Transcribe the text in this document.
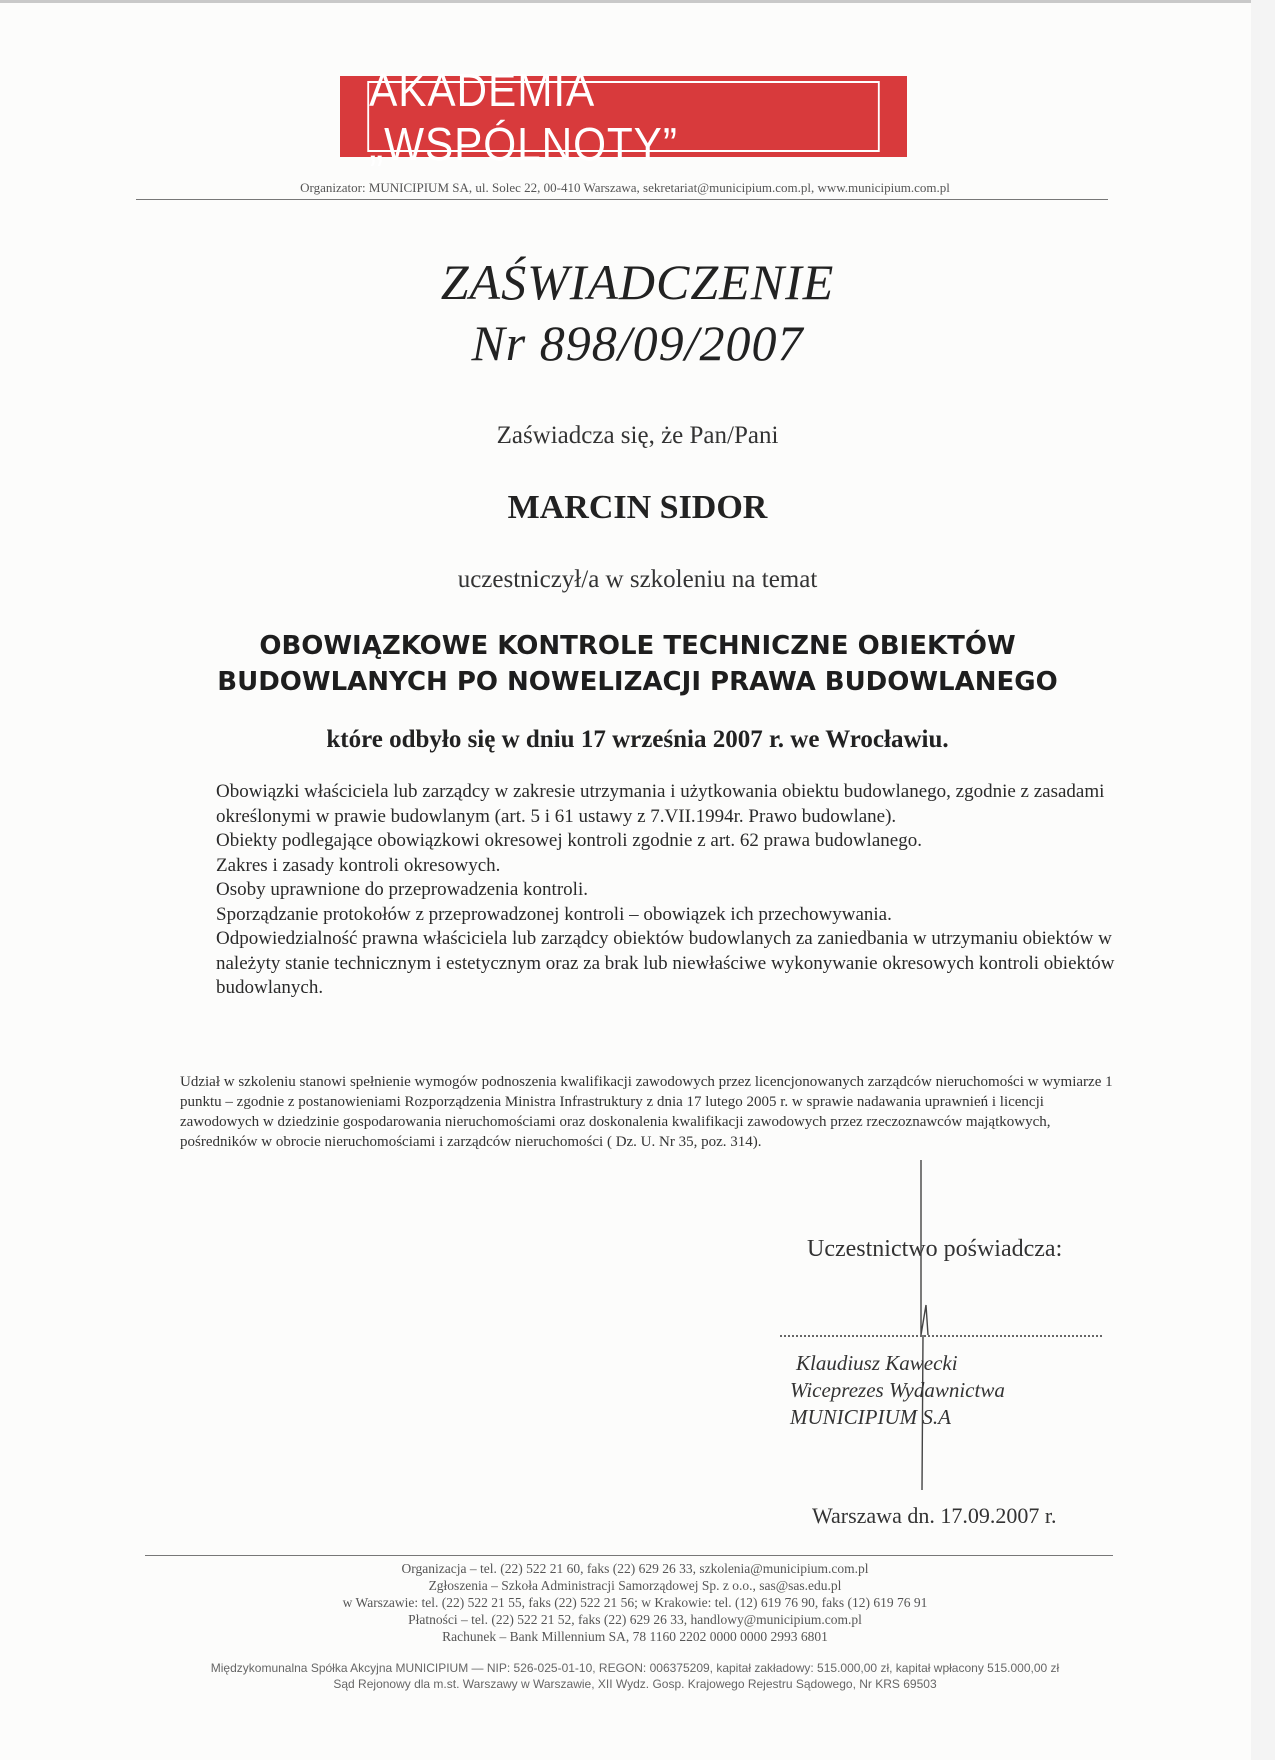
AKADEMIA „WSPÓLNOTY”
Organizator: MUNICIPIUM SA, ul. Solec 22, 00-410 Warszawa, sekretariat@municipium.com.pl, www.municipium.com.pl
ZAŚWIADCZENIE
Nr 898/09/2007
Zaświadcza się, że Pan/Pani
MARCIN SIDOR
uczestniczył/a w szkoleniu na temat
OBOWIĄZKOWE KONTROLE TECHNICZNE OBIEKTÓW
BUDOWLANYCH PO NOWELIZACJI PRAWA BUDOWLANEGO
które odbyło się w dniu 17 września 2007 r. we Wrocławiu.
Obowiązki właściciela lub zarządcy w zakresie utrzymania i użytkowania obiektu budowlanego, zgodnie z zasadami określonymi w prawie budowlanym (art. 5 i 61 ustawy z 7.VII.1994r. Prawo budowlane).
Obiekty podlegające obowiązkowi okresowej kontroli zgodnie z art. 62 prawa budowlanego.
Zakres i zasady kontroli okresowych.
Osoby uprawnione do przeprowadzenia kontroli.
Sporządzanie protokołów z przeprowadzonej kontroli – obowiązek ich przechowywania.
Odpowiedzialność prawna właściciela lub zarządcy obiektów budowlanych za zaniedbania w utrzymaniu obiektów w należyty stanie technicznym i estetycznym oraz za brak lub niewłaściwe wykonywanie okresowych kontroli obiektów budowlanych.
Udział w szkoleniu stanowi spełnienie wymogów podnoszenia kwalifikacji zawodowych przez licencjonowanych zarządców nieruchomości w wymiarze 1 punktu – zgodnie z postanowieniami Rozporządzenia Ministra Infrastruktury z dnia 17 lutego 2005 r. w sprawie nadawania uprawnień i licencji zawodowych w dziedzinie gospodarowania nieruchomościami oraz doskonalenia kwalifikacji zawodowych przez rzeczoznawców majątkowych, pośredników w obrocie nieruchomościami i zarządców nieruchomości ( Dz. U. Nr 35, poz. 314).
Uczestnictwo poświadcza:
Klaudiusz Kawecki
Wiceprezes Wydawnictwa
MUNICIPIUM S.A
Warszawa dn. 17.09.2007 r.
Organizacja – tel. (22) 522 21 60, faks (22) 629 26 33, szkolenia@municipium.com.pl
Zgłoszenia – Szkoła Administracji Samorządowej Sp. z o.o., sas@sas.edu.pl
w Warszawie: tel. (22) 522 21 55, faks (22) 522 21 56; w Krakowie: tel. (12) 619 76 90, faks (12) 619 76 91
Płatności – tel. (22) 522 21 52, faks (22) 629 26 33, handlowy@municipium.com.pl
Rachunek – Bank Millennium SA, 78 1160 2202 0000 0000 2993 6801
Międzykomunalna Spółka Akcyjna MUNICIPIUM — NIP: 526-025-01-10, REGON: 006375209, kapitał zakładowy: 515.000,00 zł, kapitał wpłacony 515.000,00 zł
Sąd Rejonowy dla m.st. Warszawy w Warszawie, XII Wydz. Gosp. Krajowego Rejestru Sądowego, Nr KRS 69503
